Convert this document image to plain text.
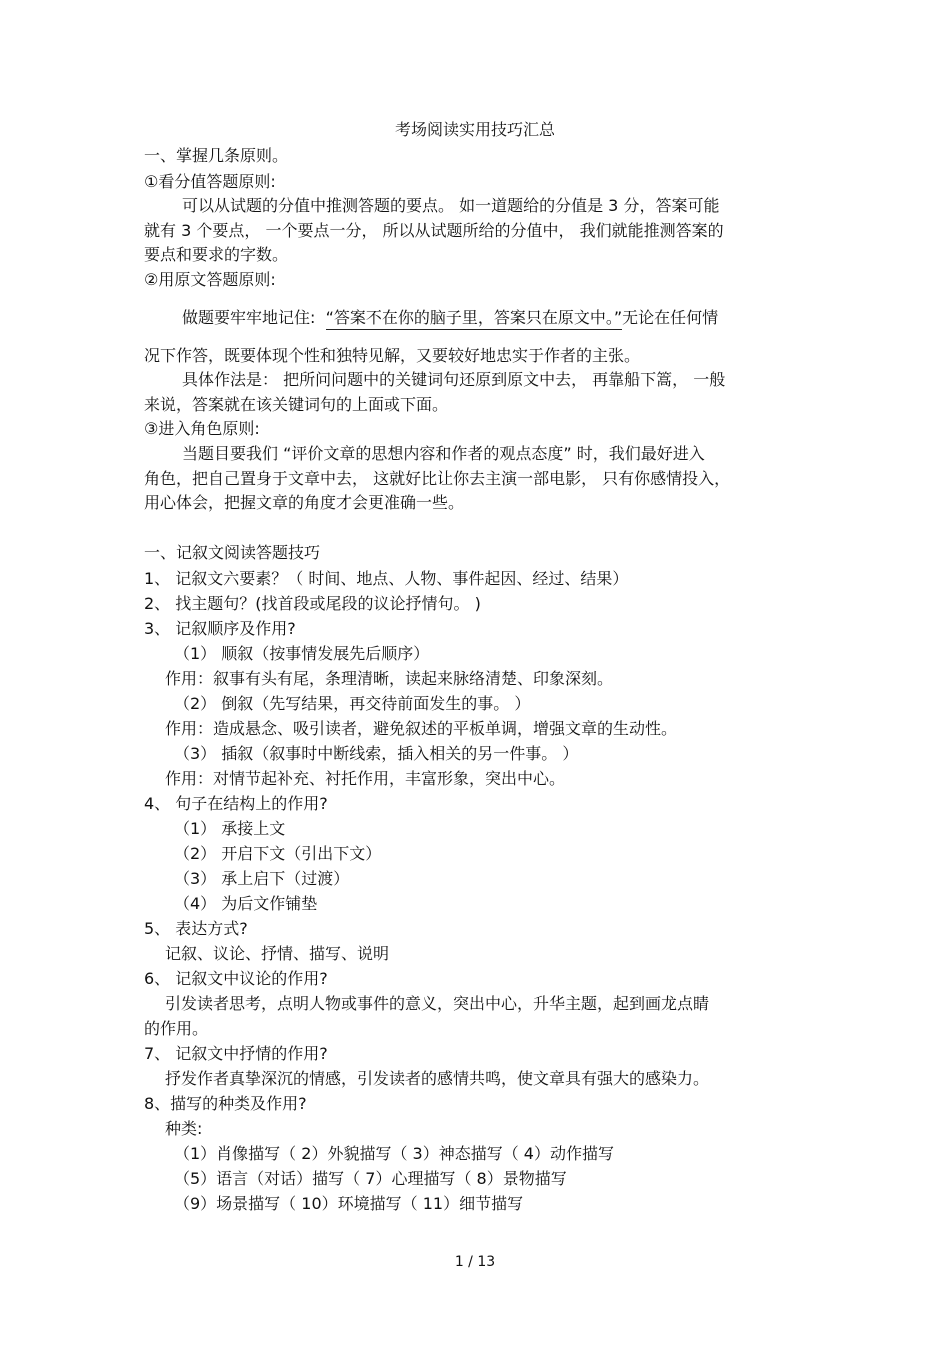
考场阅读实用技巧汇总
一、掌握几条原则。
①看分值答题原则:
可以从试题的分值中推测答题的要点。 如一道题给的分值是 3 分，答案可能
就有 3 个要点， 一个要点一分， 所以从试题所给的分值中， 我们就能推测答案的
要点和要求的字数。
②用原文答题原则:
做题要牢牢地记住: “答案不在你的脑子里，答案只在原文中。”无论在任何情
况下作答，既要体现个性和独特见解，又要较好地忠实于作者的主张。
具体作法是： 把所问问题中的关键词句还原到原文中去， 再靠船下篙， 一般
来说，答案就在该关键词句的上面或下面。
③进入角色原则:
当题目要我们 “评价文章的思想内容和作者的观点态度” 时，我们最好进入
角色，把自己置身于文章中去， 这就好比让你去主演一部电影， 只有你感情投入，
用心体会，把握文章的角度才会更准确一些。
一、记叙文阅读答题技巧
1、 记叙文六要素？（ 时间、地点、人物、事件起因、经过、结果）
2、 找主题句？(找首段或尾段的议论抒情句。 )
3、 记叙顺序及作用?
（1） 顺叙（按事情发展先后顺序）
作用：叙事有头有尾，条理清晰，读起来脉络清楚、印象深刻。
（2） 倒叙（先写结果，再交待前面发生的事。 ）
作用：造成悬念、吸引读者，避免叙述的平板单调，增强文章的生动性。
（3） 插叙（叙事时中断线索，插入相关的另一件事。 ）
作用：对情节起补充、衬托作用，丰富形象，突出中心。
4、 句子在结构上的作用?
（1） 承接上文
（2） 开启下文（引出下文）
（3） 承上启下（过渡）
（4） 为后文作铺垫
5、 表达方式?
记叙、议论、抒情、描写、说明
6、 记叙文中议论的作用?
引发读者思考，点明人物或事件的意义，突出中心，升华主题，起到画龙点睛
的作用。
7、 记叙文中抒情的作用?
抒发作者真挚深沉的情感，引发读者的感情共鸣，使文章具有强大的感染力。
8、描写的种类及作用?
种类:
（1）肖像描写（ 2）外貌描写（ 3）神态描写（ 4）动作描写
（5）语言（对话）描写（ 7）心理描写（ 8）景物描写
（9）场景描写（ 10）环境描写（ 11）细节描写
1 / 13
